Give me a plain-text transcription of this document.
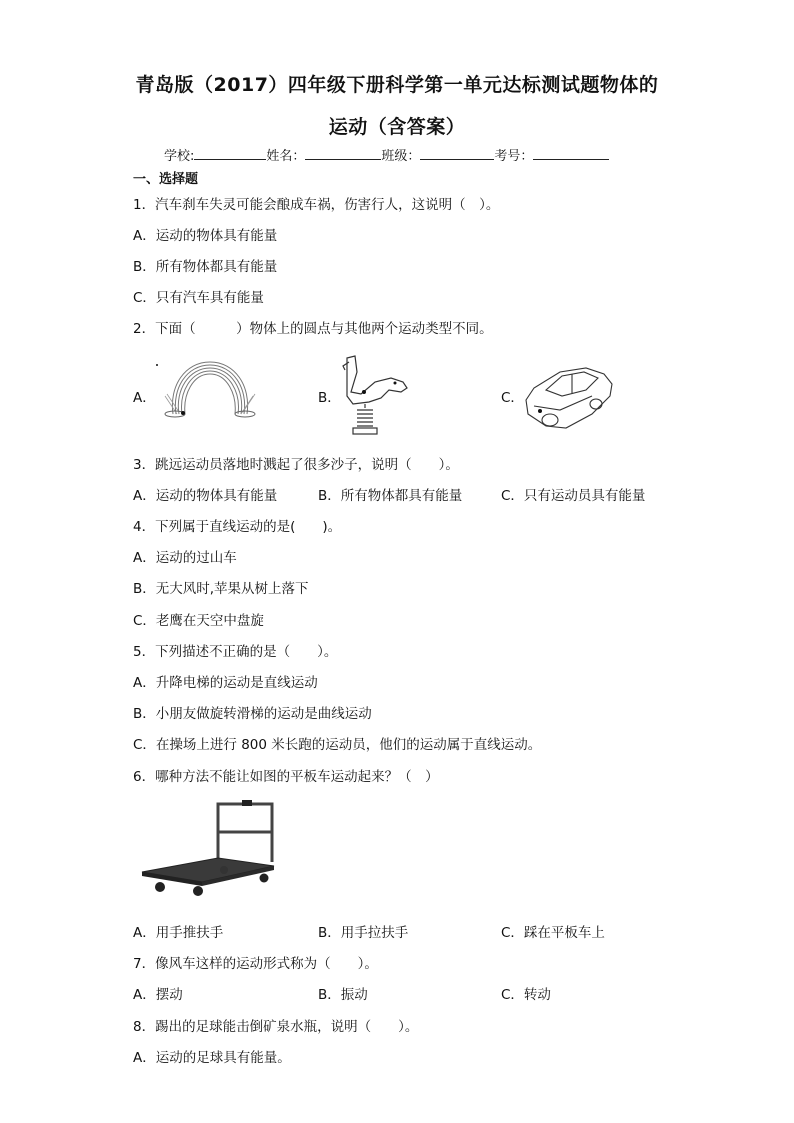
青岛版（2017）四年级下册科学第一单元达标测试题物体的
运动（含答案）
学校:	姓名：	班级：	考号：
一、选择题
1．汽车刹车失灵可能会酿成车祸，伤害行人，这说明（　）。
A．运动的物体具有能量
B．所有物体都具有能量
C．只有汽车具有能量
2．下面（　　　）物体上的圆点与其他两个运动类型不同。
A．	B．	C．
3．跳远运动员落地时溅起了很多沙子，说明（　　）。
A．运动的物体具有能量	B．所有物体都具有能量	C．只有运动员具有能量
4．下列属于直线运动的是(　　)。
A．运动的过山车
B．无大风时,苹果从树上落下
C．老鹰在天空中盘旋
5．下列描述不正确的是（　　）。
A．升降电梯的运动是直线运动
B．小朋友做旋转滑梯的运动是曲线运动
C．在操场上进行 800 米长跑的运动员，他们的运动属于直线运动。
6．哪种方法不能让如图的平板车运动起来？（　）
A．用手推扶手	B．用手拉扶手	C．踩在平板车上
7．像风车这样的运动形式称为（　　）。
A．摆动	B．振动	C．转动
8．踢出的足球能击倒矿泉水瓶，说明（　　）。
A．运动的足球具有能量。
